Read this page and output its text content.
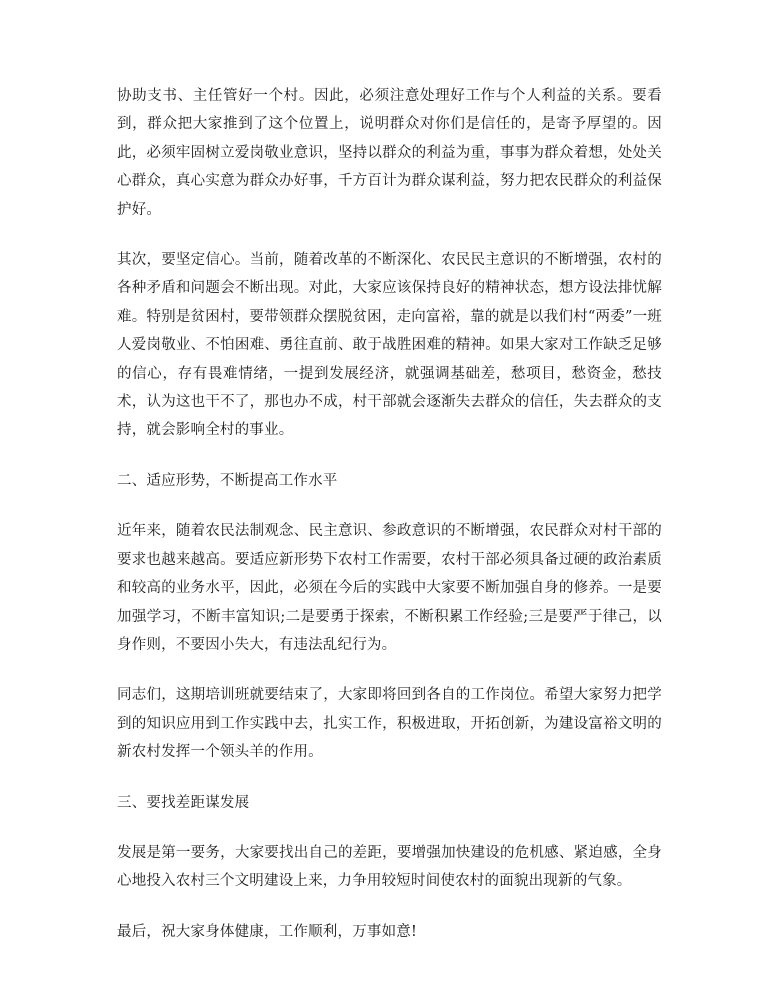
协助支书、主任管好一个村。因此，必须注意处理好工作与个人利益的关系。要看到，群众把大家推到了这个位置上，说明群众对你们是信任的，是寄予厚望的。因此，必须牢固树立爱岗敬业意识，坚持以群众的利益为重，事事为群众着想，处处关心群众，真心实意为群众办好事，千方百计为群众谋利益，努力把农民群众的利益保护好。

其次，要坚定信心。当前，随着改革的不断深化、农民民主意识的不断增强，农村的各种矛盾和问题会不断出现。对此，大家应该保持良好的精神状态，想方设法排忧解难。特别是贫困村，要带领群众摆脱贫困，走向富裕，靠的就是以我们村“两委”一班人爱岗敬业、不怕困难、勇往直前、敢于战胜困难的精神。如果大家对工作缺乏足够的信心，存有畏难情绪，一提到发展经济，就强调基础差，愁项目，愁资金，愁技术，认为这也干不了，那也办不成，村干部就会逐渐失去群众的信任，失去群众的支持，就会影响全村的事业。

二、适应形势，不断提高工作水平

近年来，随着农民法制观念、民主意识、参政意识的不断增强，农民群众对村干部的要求也越来越高。要适应新形势下农村工作需要，农村干部必须具备过硬的政治素质和较高的业务水平，因此，必须在今后的实践中大家要不断加强自身的修养。一是要加强学习，不断丰富知识;二是要勇于探索，不断积累工作经验;三是要严于律己，以身作则，不要因小失大，有违法乱纪行为。

同志们，这期培训班就要结束了，大家即将回到各自的工作岗位。希望大家努力把学到的知识应用到工作实践中去，扎实工作，积极进取，开拓创新，为建设富裕文明的新农村发挥一个领头羊的作用。

三、要找差距谋发展

发展是第一要务，大家要找出自己的差距，要增强加快建设的危机感、紧迫感，全身心地投入农村三个文明建设上来，力争用较短时间使农村的面貌出现新的气象。

最后，祝大家身体健康，工作顺利，万事如意!
